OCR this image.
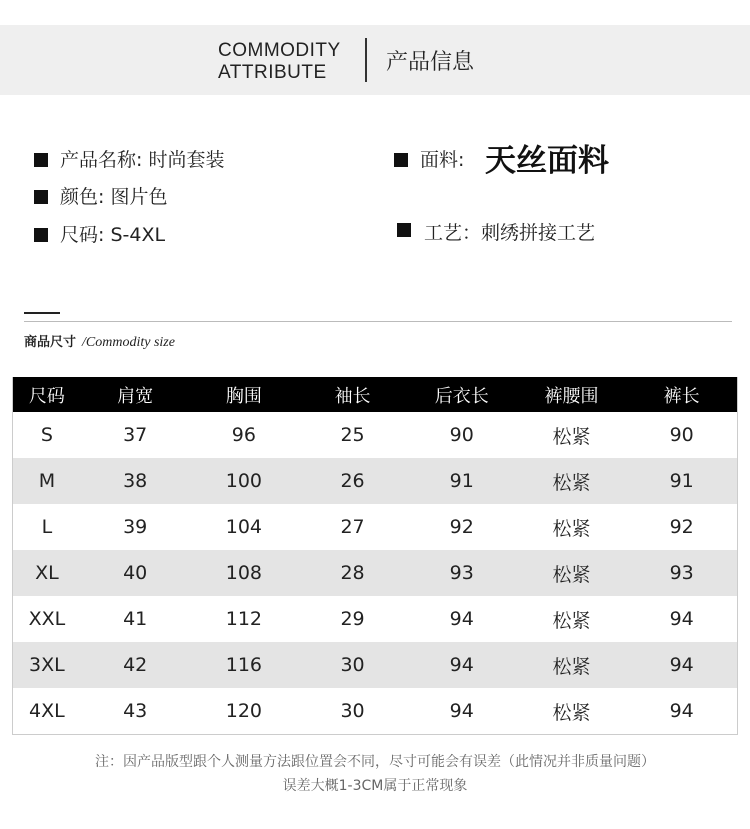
COMMODITY
ATTRIBUTE	产品信息
产品名称: 时尚套装
颜色: 图片色
尺码: S-4XL
面料: 天丝面料
工艺：刺绣拼接工艺
商品尺寸 /Commodity size
尺码	肩宽	胸围	袖长	后衣长	裤腰围	裤长
S	37	96	25	90	松紧	90
M	38	100	26	91	松紧	91
L	39	104	27	92	松紧	92
XL	40	108	28	93	松紧	93
XXL	41	112	29	94	松紧	94
3XL	42	116	30	94	松紧	94
4XL	43	120	30	94	松紧	94
注：因产品版型跟个人测量方法跟位置会不同，尽寸可能会有误差（此情况并非质量问题）
误差大概1-3CM属于正常现象
